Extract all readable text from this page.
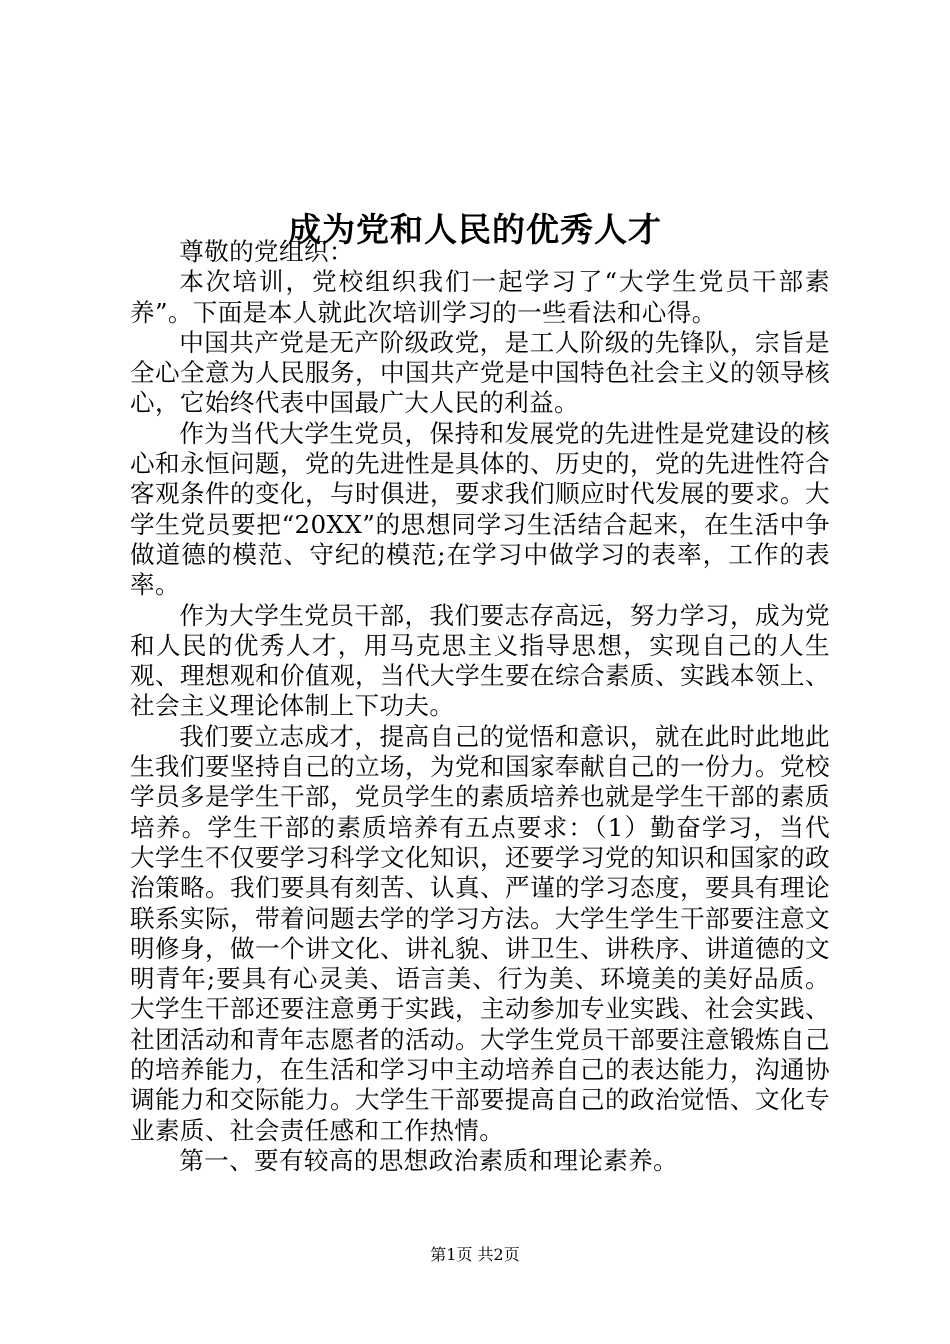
成为党和人民的优秀人才

尊敬的党组织：

本次培训，党校组织我们一起学习了“大学生党员干部素养”。下面是本人就此次培训学习的一些看法和心得。

中国共产党是无产阶级政党，是工人阶级的先锋队，宗旨是全心全意为人民服务，中国共产党是中国特色社会主义的领导核心，它始终代表中国最广大人民的利益。

作为当代大学生党员，保持和发展党的先进性是党建设的核心和永恒问题，党的先进性是具体的、历史的，党的先进性符合客观条件的变化，与时俱进，要求我们顺应时代发展的要求。大学生党员要把“20XX”的思想同学习生活结合起来，在生活中争做道德的模范、守纪的模范;在学习中做学习的表率，工作的表率。

作为大学生党员干部，我们要志存高远，努力学习，成为党和人民的优秀人才，用马克思主义指导思想，实现自己的人生观、理想观和价值观，当代大学生要在综合素质、实践本领上、社会主义理论体制上下功夫。

我们要立志成才，提高自己的觉悟和意识，就在此时此地此生我们要坚持自己的立场，为党和国家奉献自己的一份力。党校学员多是学生干部，党员学生的素质培养也就是学生干部的素质培养。学生干部的素质培养有五点要求：（1）勤奋学习，当代大学生不仅要学习科学文化知识，还要学习党的知识和国家的政治策略。我们要具有刻苦、认真、严谨的学习态度，要具有理论联系实际，带着问题去学的学习方法。大学生学生干部要注意文明修身，做一个讲文化、讲礼貌、讲卫生、讲秩序、讲道德的文明青年;要具有心灵美、语言美、行为美、环境美的美好品质。大学生干部还要注意勇于实践，主动参加专业实践、社会实践、社团活动和青年志愿者的活动。大学生党员干部要注意锻炼自己的培养能力，在生活和学习中主动培养自己的表达能力，沟通协调能力和交际能力。大学生干部要提高自己的政治觉悟、文化专业素质、社会责任感和工作热情。

第一、要有较高的思想政治素质和理论素养。

第1页 共2页
